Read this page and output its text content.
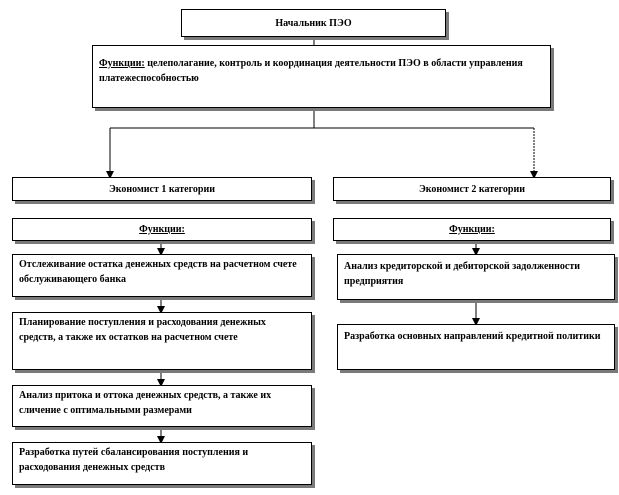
Начальник ПЭО
Функции: целеполагание, контроль и координация деятельности ПЭО в области управления платежеспособностью
Экономист 1 категории
Функции:
Отслеживание остатка денежных средств на расчетном счете обслуживающего банка
Планирование поступления и расходования денежных средств, а также их остатков на расчетном счете
Анализ притока и оттока денежных средств, а также их сличение с оптимальными размерами
Разработка путей сбалансирования поступления и расходования денежных средств
Экономист 2 категории
Функции:
Анализ кредиторской и дебиторской задолженности предприятия
Разработка основных направлений кредитной политики
